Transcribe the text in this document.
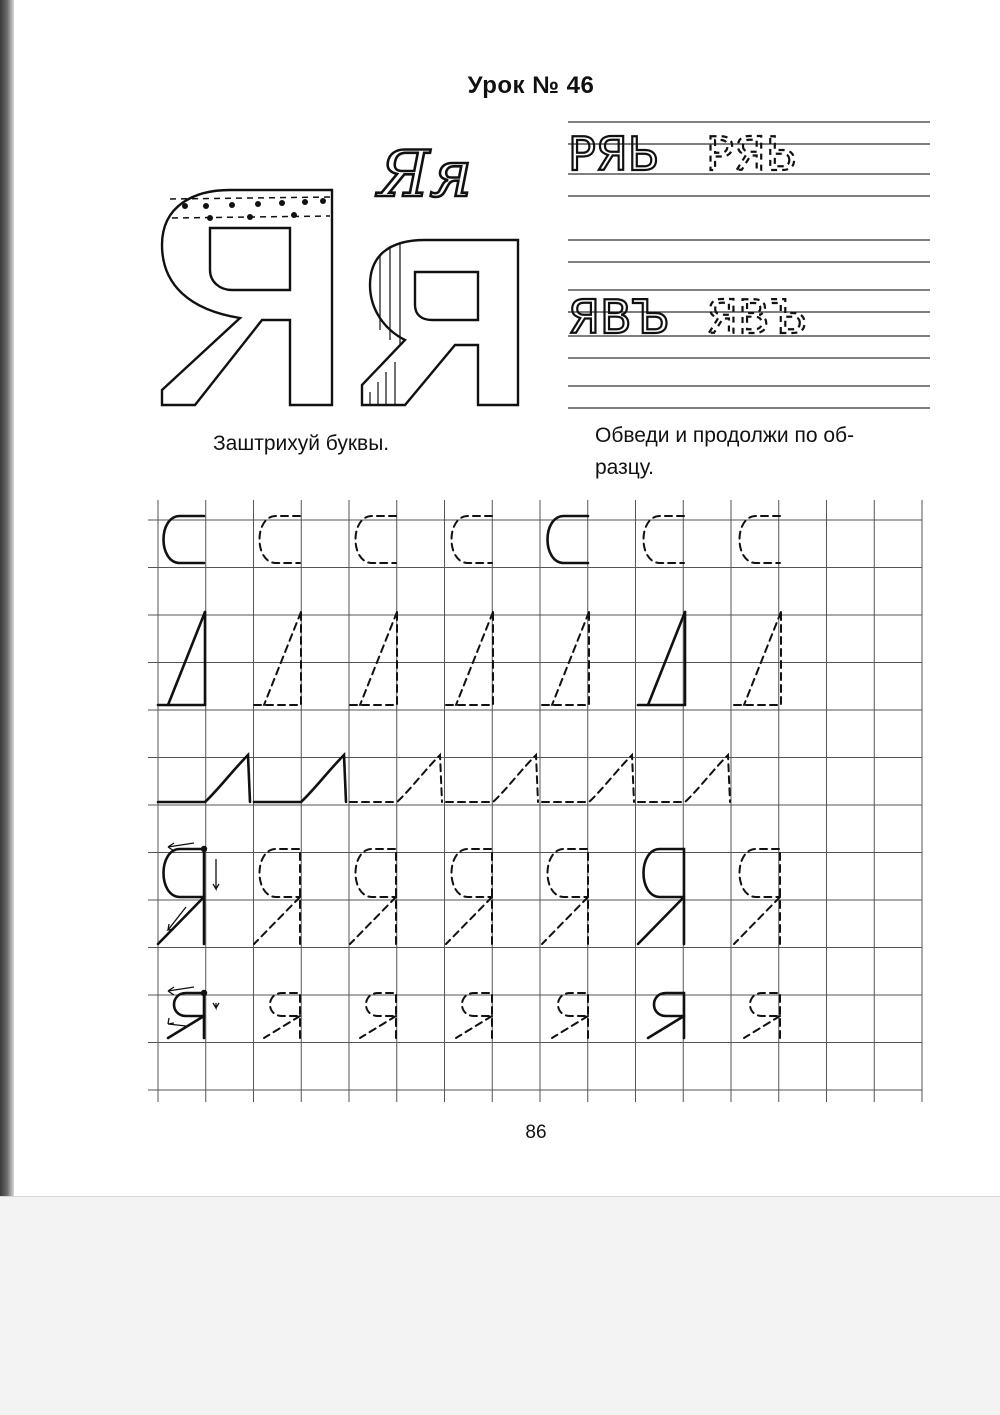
Урок № 46
Яя
Заштрихуй буквы.
РЯЬ РЯЬ
ЯВЪ ЯВЪ
Обведи и продолжи по об-
разцу.
86
